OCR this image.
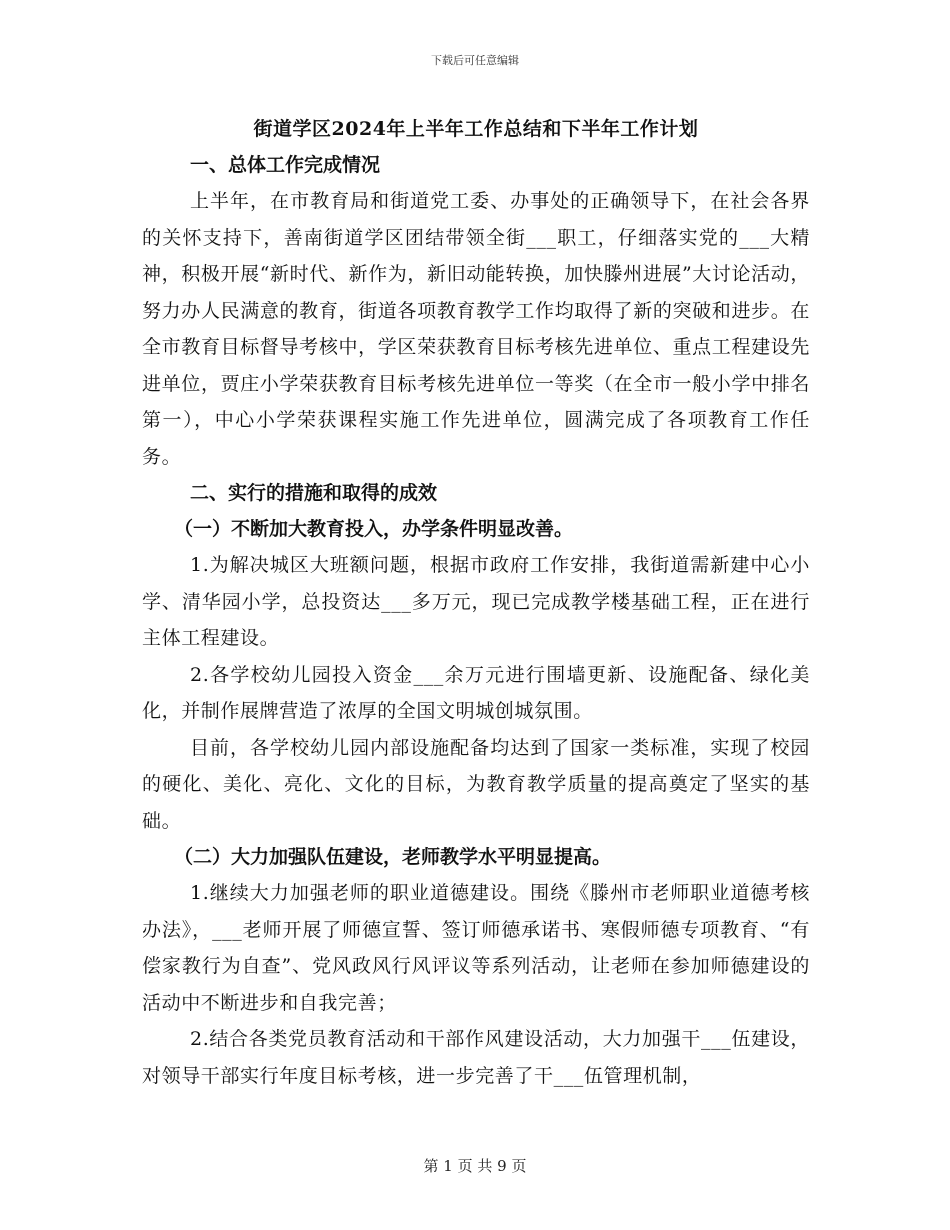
下载后可任意编辑
街道学区2024年上半年工作总结和下半年工作计划
一、总体工作完成情况

上半年，在市教育局和街道党工委、办事处的正确领导下，在社会各界的关怀支持下，善南街道学区团结带领全街___职工，仔细落实党的___大精神，积极开展“新时代、新作为，新旧动能转换，加快滕州进展”大讨论活动，努力办人民满意的教育，街道各项教育教学工作均取得了新的突破和进步。在全市教育目标督导考核中，学区荣获教育目标考核先进单位、重点工程建设先进单位，贾庄小学荣获教育目标考核先进单位一等奖（在全市一般小学中排名第一），中心小学荣获课程实施工作先进单位，圆满完成了各项教育工作任务。

二、实行的措施和取得的成效
（一）不断加大教育投入，办学条件明显改善。

1.为解决城区大班额问题，根据市政府工作安排，我街道需新建中心小学、清华园小学，总投资达___多万元，现已完成教学楼基础工程，正在进行主体工程建设。

2.各学校幼儿园投入资金___余万元进行围墙更新、设施配备、绿化美化，并制作展牌营造了浓厚的全国文明城创城氛围。

目前，各学校幼儿园内部设施配备均达到了国家一类标准，实现了校园的硬化、美化、亮化、文化的目标，为教育教学质量的提高奠定了坚实的基础。

（二）大力加强队伍建设，老师教学水平明显提高。

1.继续大力加强老师的职业道德建设。围绕《滕州市老师职业道德考核办法》，___老师开展了师德宣誓、签订师德承诺书、寒假师德专项教育、“有偿家教行为自查”、党风政风行风评议等系列活动，让老师在参加师德建设的活动中不断进步和自我完善；

2.结合各类党员教育活动和干部作风建设活动，大力加强干___伍建设，对领导干部实行年度目标考核，进一步完善了干___伍管理机制，

第 1 页 共 9 页
